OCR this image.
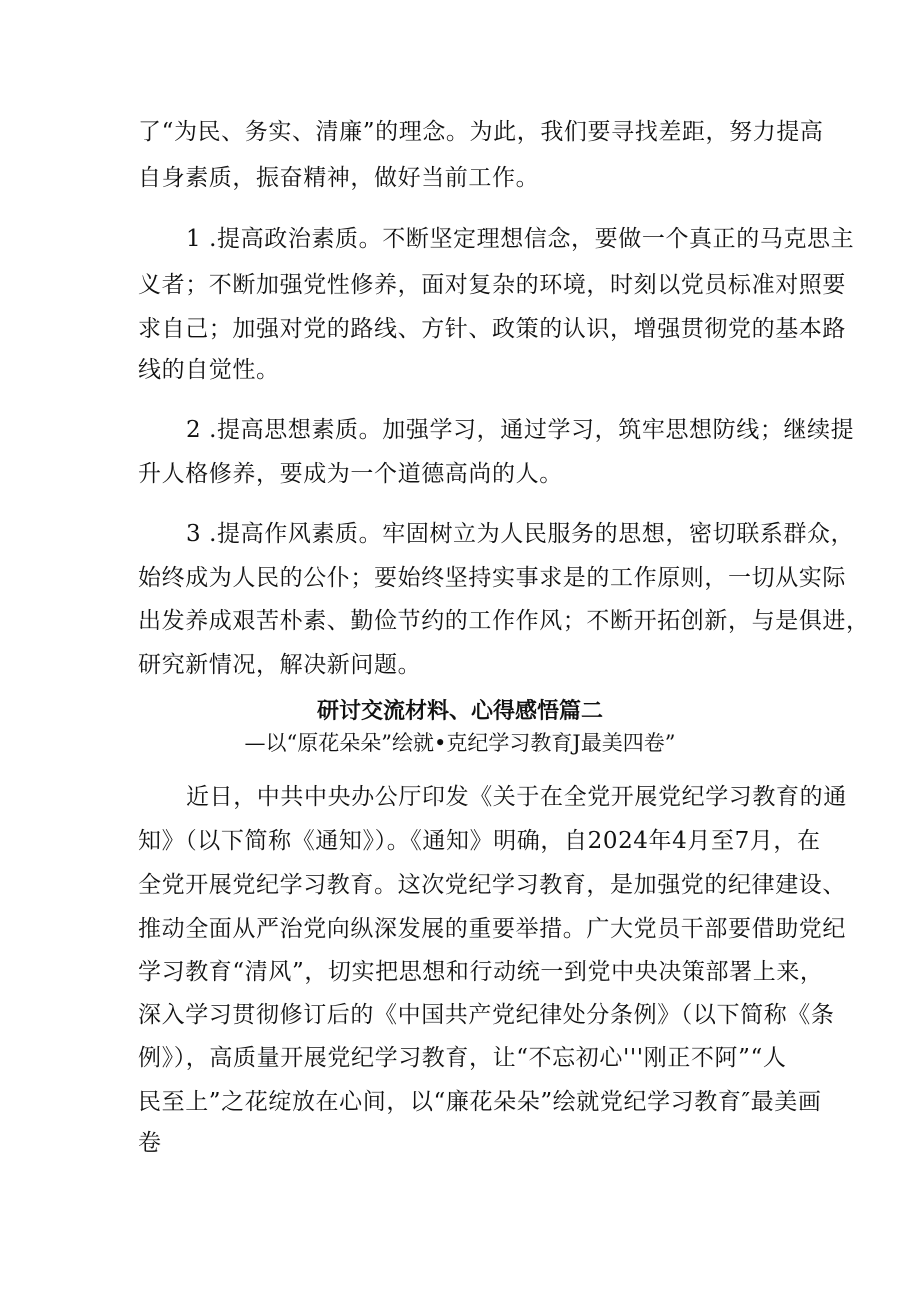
了“为民、务实、清廉”的理念。为此，我们要寻找差距，努力提高
自身素质，振奋精神，做好当前工作。
1 .提高政治素质。不断坚定理想信念，要做一个真正的马克思主
义者；不断加强党性修养，面对复杂的环境，时刻以党员标准对照要
求自己；加强对党的路线、方针、政策的认识，增强贯彻党的基本路
线的自觉性。
2 .提高思想素质。加强学习，通过学习，筑牢思想防线；继续提
升人格修养，要成为一个道德高尚的人。
3 .提高作风素质。牢固树立为人民服务的思想，密切联系群众，
始终成为人民的公仆；要始终坚持实事求是的工作原则，一切从实际
出发养成艰苦朴素、勤俭节约的工作作风；不断开拓创新，与是俱进，
研究新情况，解决新问题。
研讨交流材料、心得感悟篇二
—以“原花朵朵”绘就•克纪学习教育J最美四卷”
近日，中共中央办公厅印发《关于在全党开展党纪学习教育的通
知》（以下简称《通知》）。《通知》明确，自2024年4月至7月，在
全党开展党纪学习教育。这次党纪学习教育，是加强党的纪律建设、
推动全面从严治党向纵深发展的重要举措。广大党员干部要借助党纪
学习教育“清风”，切实把思想和行动统一到党中央决策部署上来，
深入学习贯彻修订后的《中国共产党纪律处分条例》（以下简称《条
例》），高质量开展党纪学习教育，让“不忘初心'''刚正不阿”“人
民至上”之花绽放在心间，以“廉花朵朵”绘就党纪学习教育″最美画
卷
